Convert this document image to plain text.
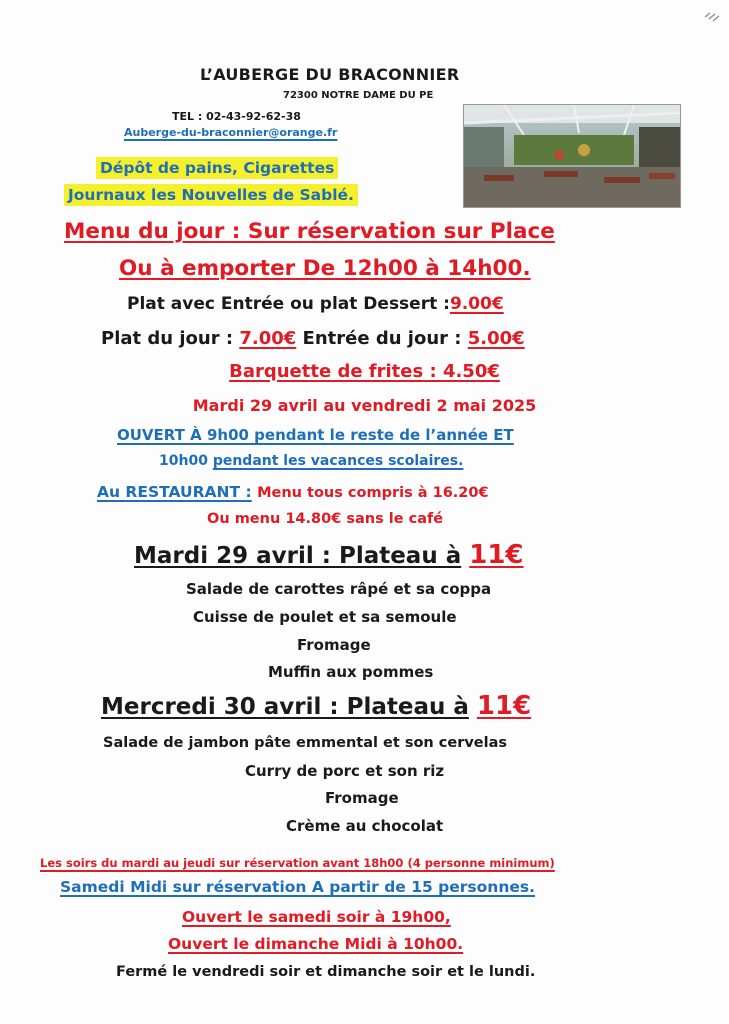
L’AUBERGE DU BRACONNIER
72300 NOTRE DAME DU PE
TEL : 02-43-92-62-38
Auberge-du-braconnier@orange.fr
Dépôt de pains, Cigarettes
Journaux les Nouvelles de Sablé.
Menu du jour : Sur réservation sur Place
Ou à emporter De 12h00 à 14h00.
Plat avec Entrée ou plat Dessert :9.00€
Plat du jour : 7.00€ Entrée du jour : 5.00€
Barquette de frites : 4.50€
Mardi 29 avril au vendredi 2 mai 2025
OUVERT À 9h00 pendant le reste de l’année ET
10h00 pendant les vacances scolaires.
Au RESTAURANT : Menu tous compris à 16.20€
Ou menu 14.80€ sans le café
Mardi 29 avril : Plateau à 11€
Salade de carottes râpé et sa coppa
Cuisse de poulet et sa semoule
Fromage
Muffin aux pommes
Mercredi 30 avril : Plateau à 11€
Salade de jambon pâte emmental et son cervelas
Curry de porc et son riz
Fromage
Crème au chocolat
Les soirs du mardi au jeudi sur réservation avant 18h00 (4 personne minimum)
Samedi Midi sur réservation A partir de 15 personnes.
Ouvert le samedi soir à 19h00,
Ouvert le dimanche Midi à 10h00.
Fermé le vendredi soir et dimanche soir et le lundi.
